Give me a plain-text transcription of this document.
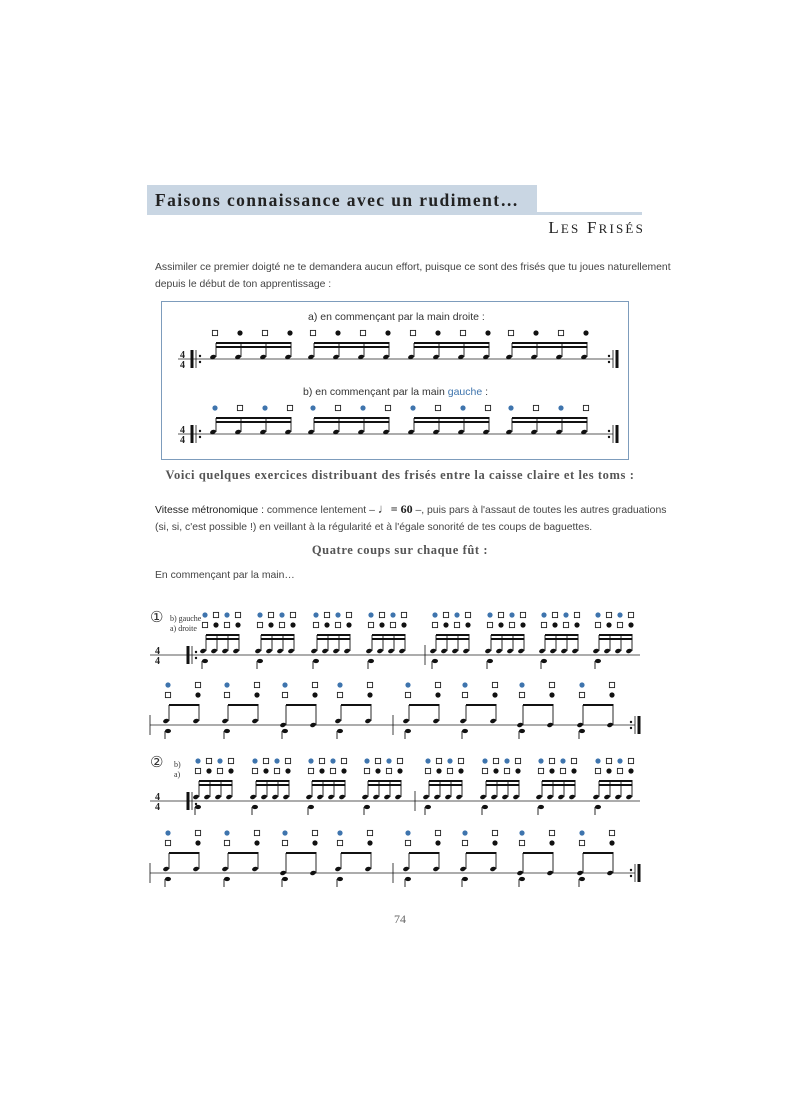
Faisons connaissance avec un rudiment…
LES FRISÉS
Assimiler ce premier doigté ne te demandera aucun effort, puisque ce sont des frisés que tu joues naturellement
depuis le début de ton apprentissage :
a) en commençant par la main droite :
b) en commençant par la main gauche :
4
4
4
4
4
4
4
4
Voici quelques exercices distribuant des frisés entre la caisse claire et les toms :
Vitesse métronomique : commence lentement – ♩= 60 –, puis pars à l'assaut de toutes les autres graduations
(si, si, c'est possible !) en veillant à la régularité et à l'égale sonorité de tes coups de baguettes.
Quatre coups sur chaque fût :
En commençant par la main…
① b) gauche
a) droite
② b)
a)
74
